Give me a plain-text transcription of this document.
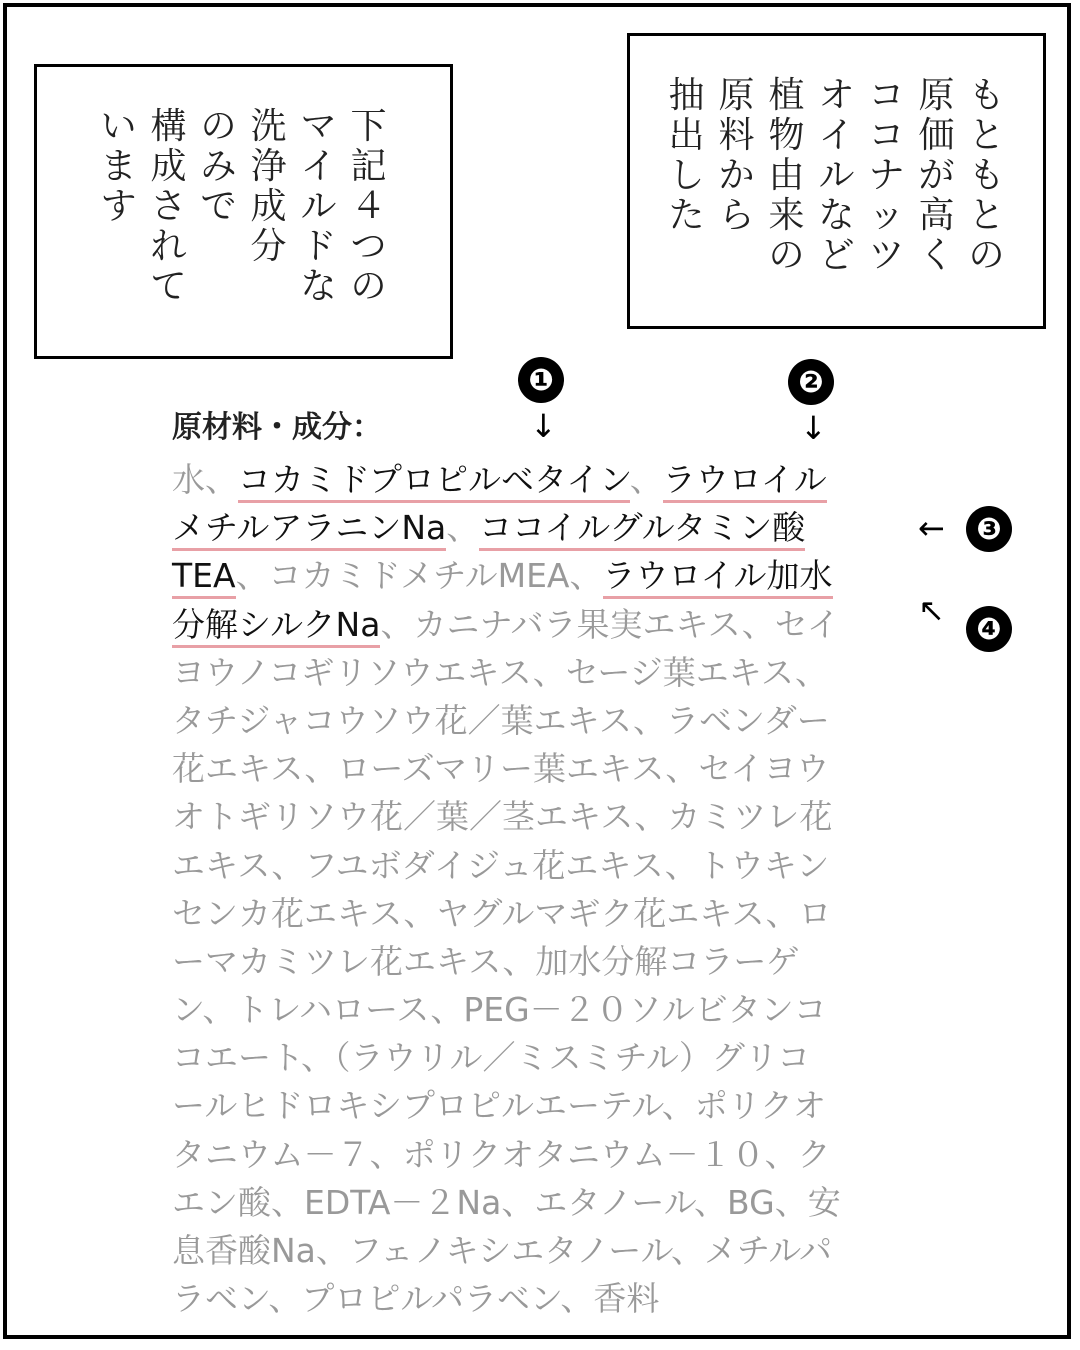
下
記
４
つ
の
マ
イ
ル
ド
な
洗
浄
成
分
の
み
で
構
成
さ
れ
て
い
ま
す
も
と
も
と
の
原
価
が
高
く
コ
コ
ナ
ッ
ツ
オ
イ
ル
な
ど
植
物
由
来
の
原
料
か
ら
抽
出
し
た
❶
↓
❷
↓
←	❸
↖	❹
原材料・成分：
水、コカミドプロピルベタイン、ラウロイル
メチルアラニンNa、ココイルグルタミン酸
TEA、コカミドメチルMEA、ラウロイル加水
分解シルクNa、カニナバラ果実エキス、セイ
ヨウノコギリソウエキス、セージ葉エキス、
タチジャコウソウ花／葉エキス、ラベンダー
花エキス、ローズマリー葉エキス、セイヨウ
オトギリソウ花／葉／茎エキス、カミツレ花
エキス、フユボダイジュ花エキス、トウキン
センカ花エキス、ヤグルマギク花エキス、ロ
ーマカミツレ花エキス、加水分解コラーゲ
ン、トレハロース、PEG－２０ソルビタンコ
コエート、（ラウリル／ミスミチル）グリコ
ールヒドロキシプロピルエーテル、ポリクオ
タニウム－７、ポリクオタニウム－１０、ク
エン酸、EDTA－２Na、エタノール、BG、安
息香酸Na、フェノキシエタノール、メチルパ
ラベン、プロピルパラベン、香料
